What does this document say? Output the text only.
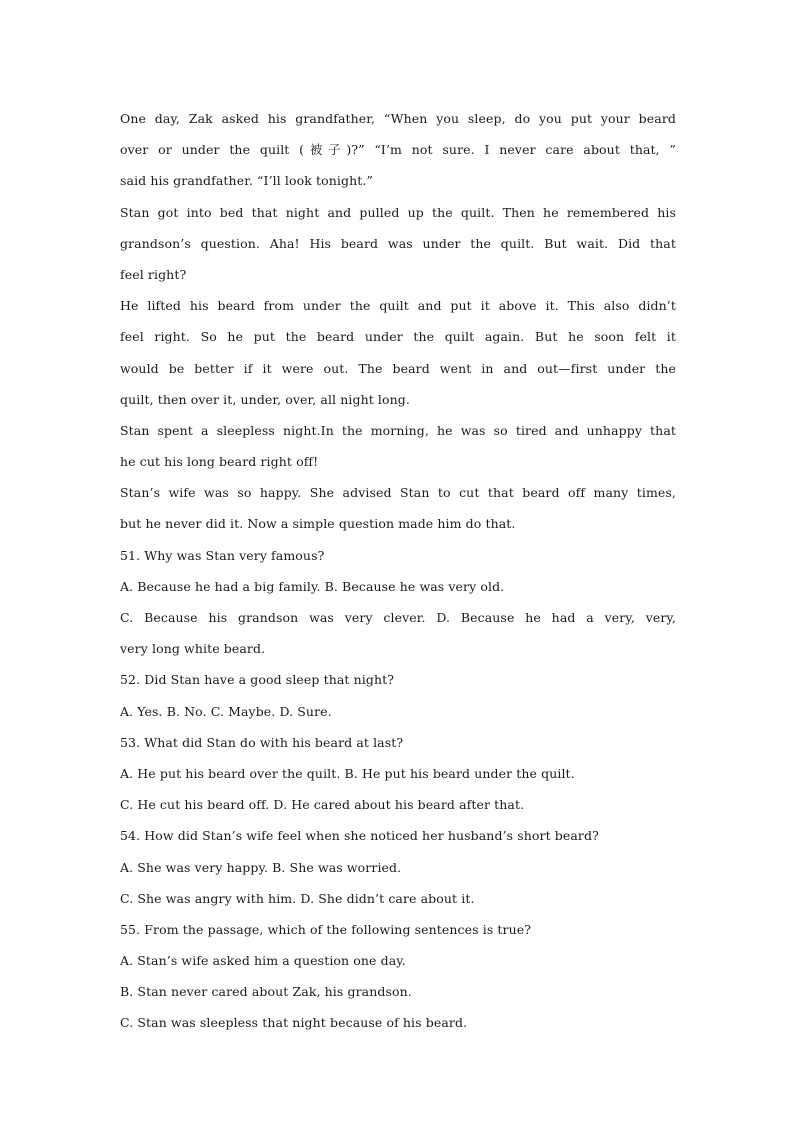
One day, Zak asked his grandfather, “When you sleep, do you put your beard
over or under the quilt (被子)?” “I’m not sure. I never care about that, ”
said his grandfather. “I’ll look tonight.”
Stan got into bed that night and pulled up the quilt. Then he remembered his
grandson’s question. Aha! His beard was under the quilt. But wait. Did that
feel right?
He lifted his beard from under the quilt and put it above it. This also didn’t
feel right. So he put the beard under the quilt again. But he soon felt it
would be better if it were out. The beard went in and out—first under the
quilt, then over it, under, over, all night long.
Stan spent a sleepless night.In the morning, he was so tired and unhappy that
he cut his long beard right off!
Stan’s wife was so happy. She advised Stan to cut that beard off many times,
but he never did it. Now a simple question made him do that.
51. Why was Stan very famous?
A. Because he had a big family. B. Because he was very old.
C. Because his grandson was very clever. D. Because he had a very, very,
very long white beard.
52. Did Stan have a good sleep that night?
A. Yes. B. No. C. Maybe. D. Sure.
53. What did Stan do with his beard at last?
A. He put his beard over the quilt. B. He put his beard under the quilt.
C. He cut his beard off. D. He cared about his beard after that.
54. How did Stan’s wife feel when she noticed her husband’s short beard?
A. She was very happy. B. She was worried.
C. She was angry with him. D. She didn’t care about it.
55. From the passage, which of the following sentences is true?
A. Stan’s wife asked him a question one day.
B. Stan never cared about Zak, his grandson.
C. Stan was sleepless that night because of his beard.
